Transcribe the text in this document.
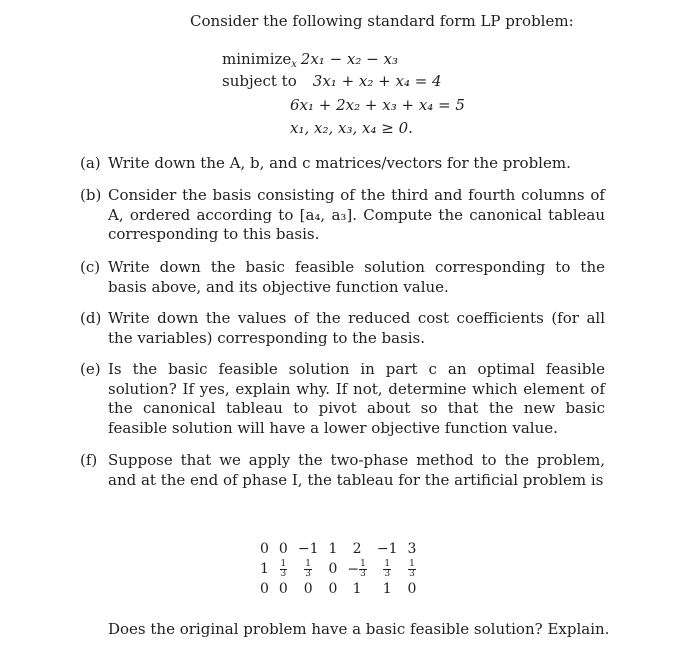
Consider the following standard form LP problem:
minimize$_x$ 2x₁ − x₂ − x₃
subject to 3x₁ + x₂ + x₄ = 4
6x₁ + 2x₂ + x₃ + x₄ = 5
x₁, x₂, x₃, x₄ ≥ 0.
(a) Write down the A, b, and c matrices/vectors for the problem.
(b) Consider the basis consisting of the third and fourth columns of A, ordered according to [a₄, a₃]. Compute the canonical tableau corresponding to this basis.
(c) Write down the basic feasible solution corresponding to the basis above, and its objective function value.
(d) Write down the values of the reduced cost coefficients (for all the variables) corresponding to the basis.
(e) Is the basic feasible solution in part c an optimal feasible solution? If yes, explain why. If not, determine which element of the canonical tableau to pivot about so that the new basic feasible solution will have a lower objective function value.
(f) Suppose that we apply the two-phase method to the problem, and at the end of phase I, the tableau for the artificial problem is
0	0	−1	1	2	−1	3
1	$\frac{1}{3}$	$\frac{1}{3}$	0	− $\frac{1}{3}$	$\frac{1}{3}$	$\frac{1}{3}$

0	0	0	0	1	1	0
Does the original problem have a basic feasible solution? Explain.
